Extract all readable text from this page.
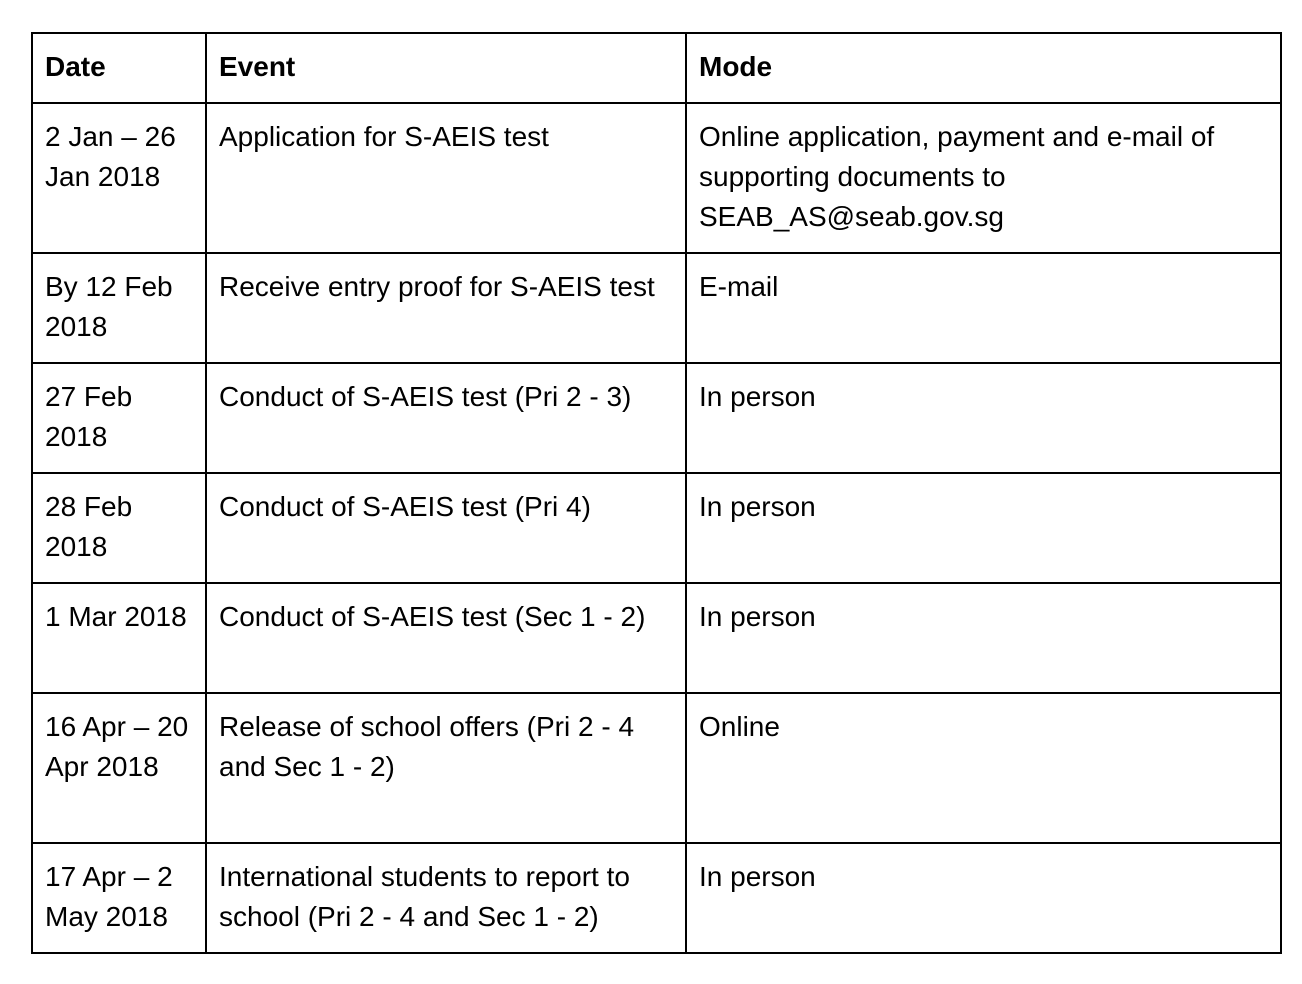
Date	Event	Mode
2 Jan – 26 Jan 2018	Application for S-AEIS test	Online application, payment and e-mail of supporting documents to SEAB_AS@seab.gov.sg
By 12 Feb 2018	Receive entry proof for S-AEIS test	E-mail
27 Feb 2018	Conduct of S-AEIS test (Pri 2 - 3)	In person
28 Feb 2018	Conduct of S-AEIS test (Pri 4)	In person
1 Mar 2018	Conduct of S-AEIS test (Sec 1 - 2)	In person
16 Apr – 20 Apr 2018	Release of school offers (Pri 2 - 4 and Sec 1 - 2)	Online
17 Apr – 2 May 2018	International students to report to school (Pri 2 - 4 and Sec 1 - 2)	In person
